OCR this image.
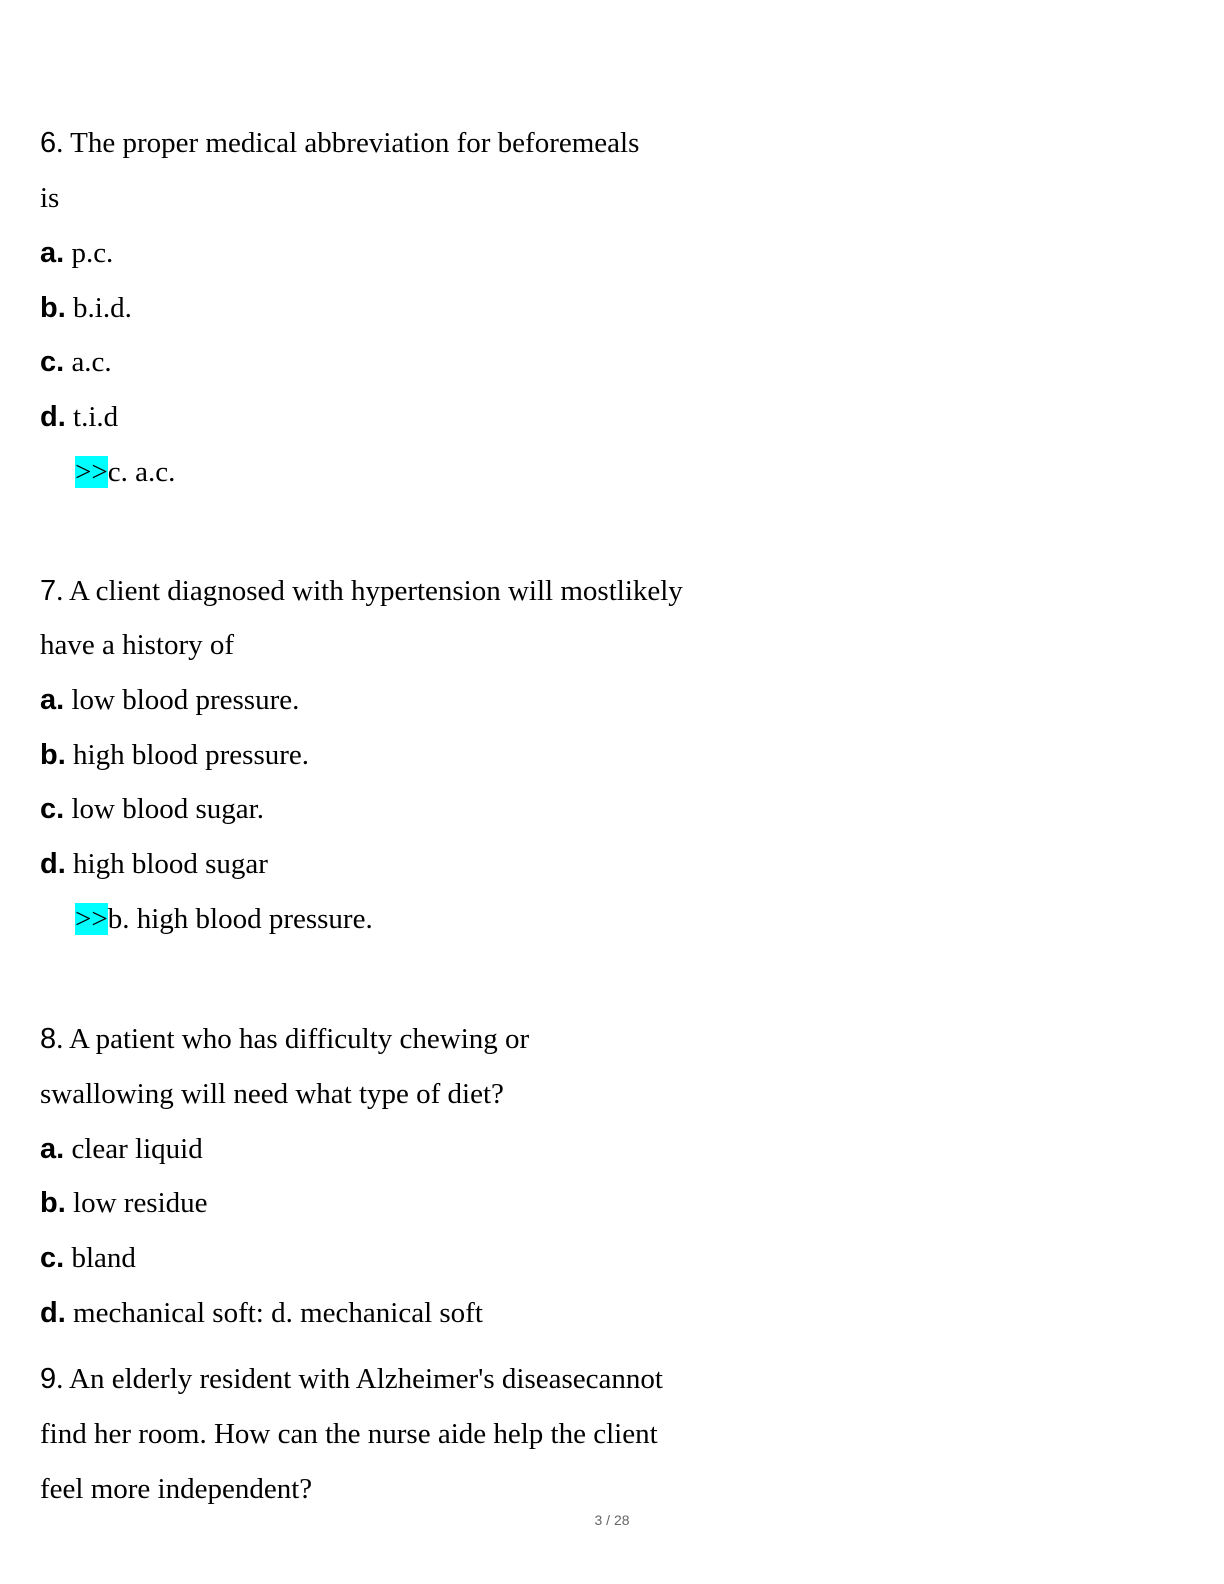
6. The proper medical abbreviation for beforemeals
is
a. p.c.
b. b.i.d.
c. a.c.
d. t.i.d
>>c. a.c.
7. A client diagnosed with hypertension will mostlikely
have a history of
a. low blood pressure.
b. high blood pressure.
c. low blood sugar.
d. high blood sugar
>>b. high blood pressure.
8. A patient who has difficulty chewing or
swallowing will need what type of diet?
a. clear liquid
b. low residue
c. bland
d. mechanical soft: d. mechanical soft
9. An elderly resident with Alzheimer's diseasecannot
find her room. How can the nurse aide help the client
feel more independent?
3 / 28
